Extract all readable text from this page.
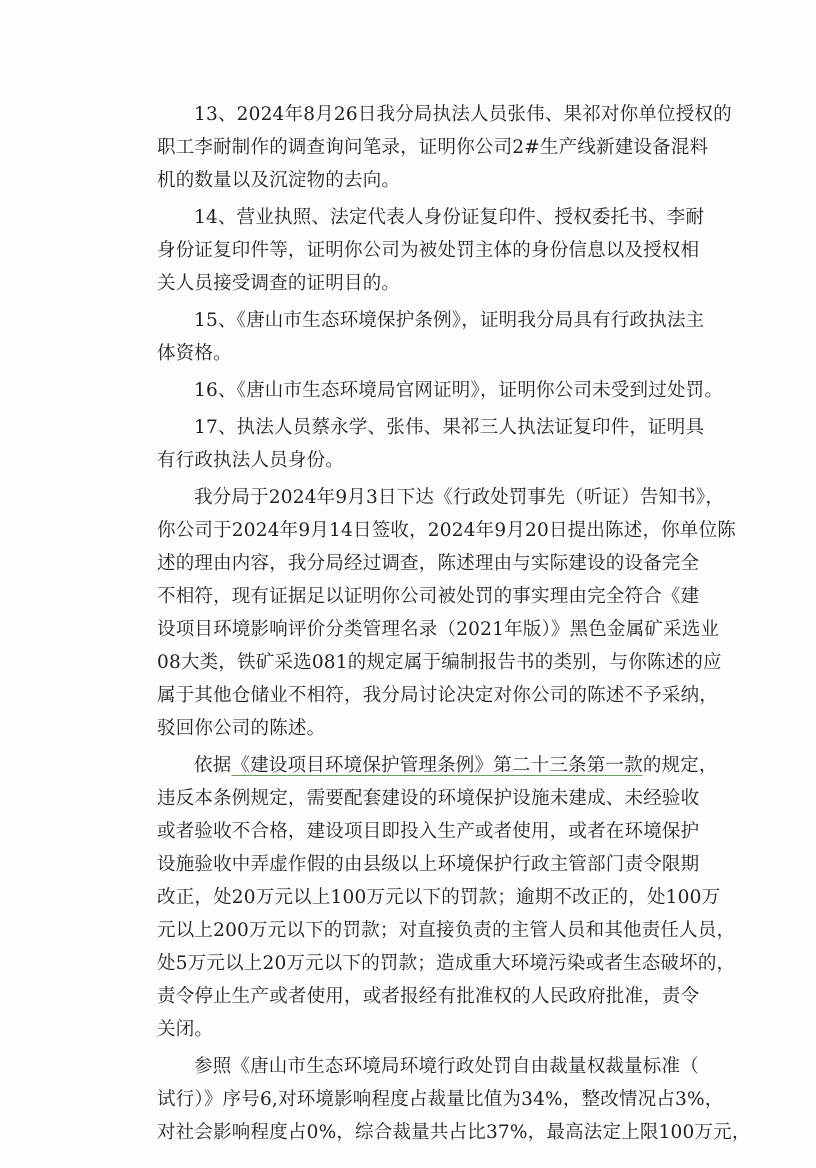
13、2024年8月26日我分局执法人员张伟、果祁对你单位授权的
职工李耐制作的调查询问笔录，证明你公司2#生产线新建设备混料
机的数量以及沉淀物的去向。
14、营业执照、法定代表人身份证复印件、授权委托书、李耐
身份证复印件等，证明你公司为被处罚主体的身份信息以及授权相
关人员接受调查的证明目的。
15、《唐山市生态环境保护条例》，证明我分局具有行政执法主
体资格。
16、《唐山市生态环境局官网证明》，证明你公司未受到过处罚。
17、执法人员蔡永学、张伟、果祁三人执法证复印件，证明具
有行政执法人员身份。
我分局于2024年9月3日下达《行政处罚事先（听证）告知书》，
你公司于2024年9月14日签收，2024年9月20日提出陈述，你单位陈
述的理由内容，我分局经过调查，陈述理由与实际建设的设备完全
不相符，现有证据足以证明你公司被处罚的事实理由完全符合《建
设项目环境影响评价分类管理名录（2021年版）》黑色金属矿采选业
08大类，铁矿采选081的规定属于编制报告书的类别，与你陈述的应
属于其他仓储业不相符，我分局讨论决定对你公司的陈述不予采纳，
驳回你公司的陈述。
依据《建设项目环境保护管理条例》第二十三条第一款的规定，
违反本条例规定，需要配套建设的环境保护设施未建成、未经验收
或者验收不合格，建设项目即投入生产或者使用，或者在环境保护
设施验收中弄虚作假的由县级以上环境保护行政主管部门责令限期
改正，处20万元以上100万元以下的罚款；逾期不改正的，处100万
元以上200万元以下的罚款；对直接负责的主管人员和其他责任人员，
处5万元以上20万元以下的罚款；造成重大环境污染或者生态破坏的，
责令停止生产或者使用，或者报经有批准权的人民政府批准，责令
关闭。
参照《唐山市生态环境局环境行政处罚自由裁量权裁量标准（
试行）》序号6,对环境影响程度占裁量比值为34%，整改情况占3%，
对社会影响程度占0%，综合裁量共占比37%，最高法定上限100万元，
